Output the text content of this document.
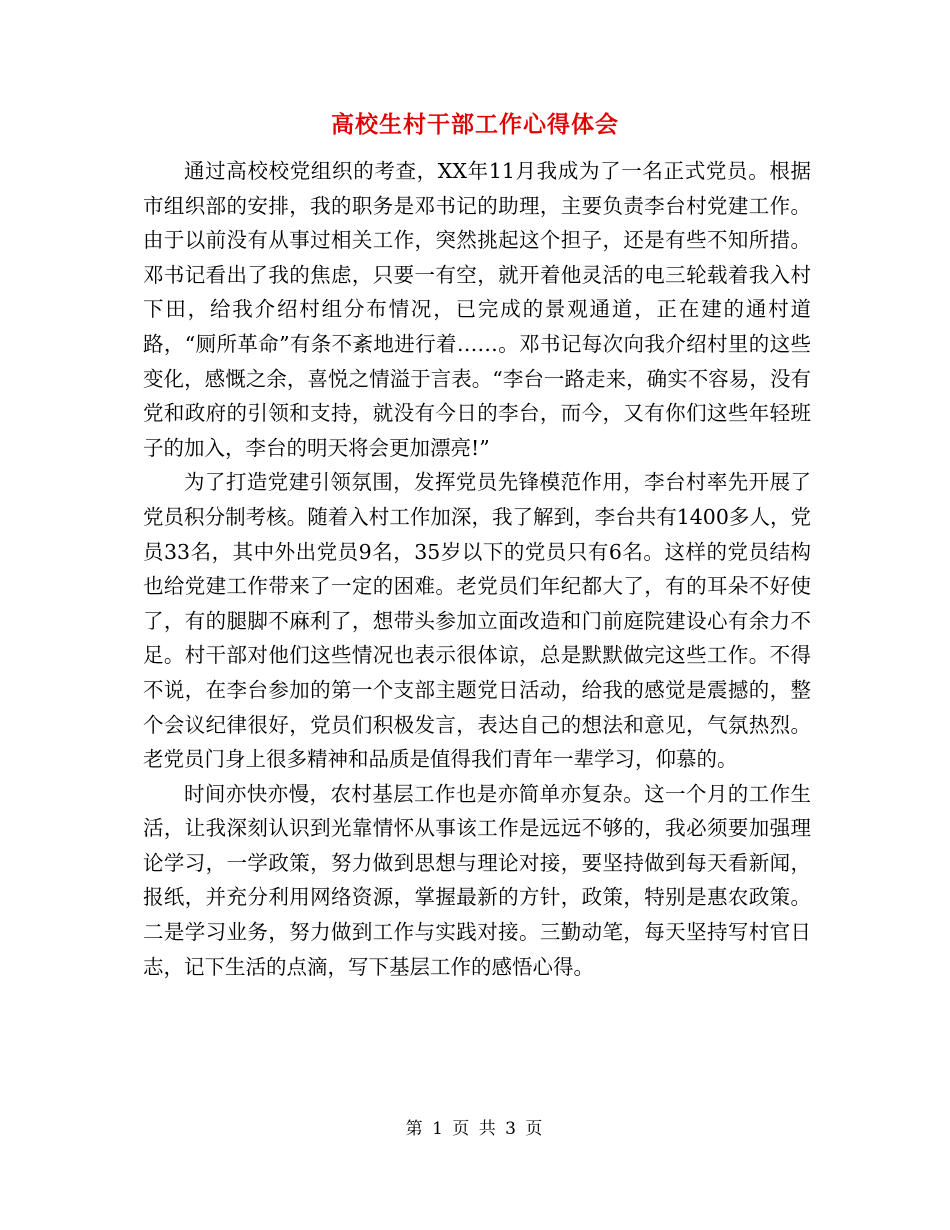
高校生村干部工作心得体会

通过高校校党组织的考查，XX年11月我成为了一名正式党员。根据市组织部的安排，我的职务是邓书记的助理，主要负责李台村党建工作。由于以前没有从事过相关工作，突然挑起这个担子，还是有些不知所措。邓书记看出了我的焦虑，只要一有空，就开着他灵活的电三轮载着我入村下田，给我介绍村组分布情况，已完成的景观通道，正在建的通村道路，“厕所革命”有条不紊地进行着……。邓书记每次向我介绍村里的这些变化，感慨之余，喜悦之情溢于言表。“李台一路走来，确实不容易，没有党和政府的引领和支持，就没有今日的李台，而今，又有你们这些年轻班子的加入，李台的明天将会更加漂亮!”

为了打造党建引领氛围，发挥党员先锋模范作用，李台村率先开展了党员积分制考核。随着入村工作加深，我了解到，李台共有1400多人，党员33名，其中外出党员9名，35岁以下的党员只有6名。这样的党员结构也给党建工作带来了一定的困难。老党员们年纪都大了，有的耳朵不好使了，有的腿脚不麻利了，想带头参加立面改造和门前庭院建设心有余力不足。村干部对他们这些情况也表示很体谅，总是默默做完这些工作。不得不说，在李台参加的第一个支部主题党日活动，给我的感觉是震撼的，整个会议纪律很好，党员们积极发言，表达自己的想法和意见，气氛热烈。老党员门身上很多精神和品质是值得我们青年一辈学习，仰慕的。

时间亦快亦慢，农村基层工作也是亦简单亦复杂。这一个月的工作生活，让我深刻认识到光靠情怀从事该工作是远远不够的，我必须要加强理论学习，一学政策，努力做到思想与理论对接，要坚持做到每天看新闻，报纸，并充分利用网络资源，掌握最新的方针，政策，特别是惠农政策。二是学习业务，努力做到工作与实践对接。三勤动笔，每天坚持写村官日志，记下生活的点滴，写下基层工作的感悟心得。

第 1 页 共 3 页
